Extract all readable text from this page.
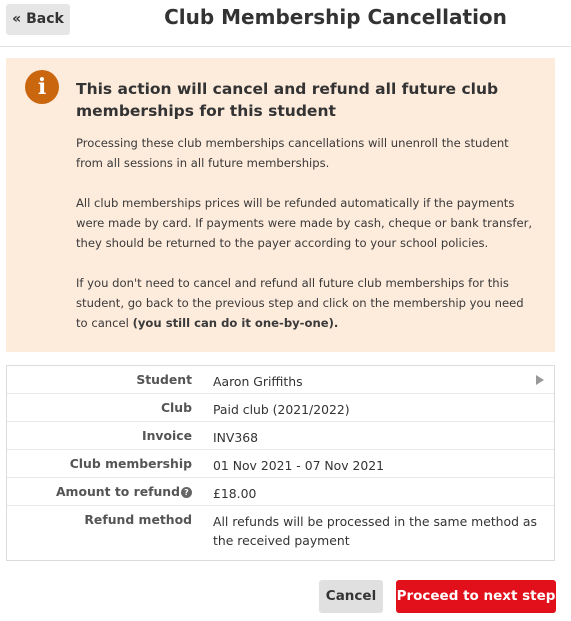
« Back	Club Membership Cancellation
i	This action will cancel and refund all future club
memberships for this student
Processing these club memberships cancellations will unenroll the student
from all sessions in all future memberships.
All club memberships prices will be refunded automatically if the payments
were made by card. If payments were made by cash, cheque or bank transfer,
they should be returned to the payer according to your school policies.
If you don't need to cancel and refund all future club memberships for this
student, go back to the previous step and click on the membership you need
to cancel (you still can do it one-by-one).
Student Aaron Griffiths
Club Paid club (2021/2022)
Invoice INV368
Club membership 01 Nov 2021 - 07 Nov 2021
Amount to refund ? £18.00
Refund method All refunds will be processed in the same method as
the received payment
Cancel	Proceed to next step
